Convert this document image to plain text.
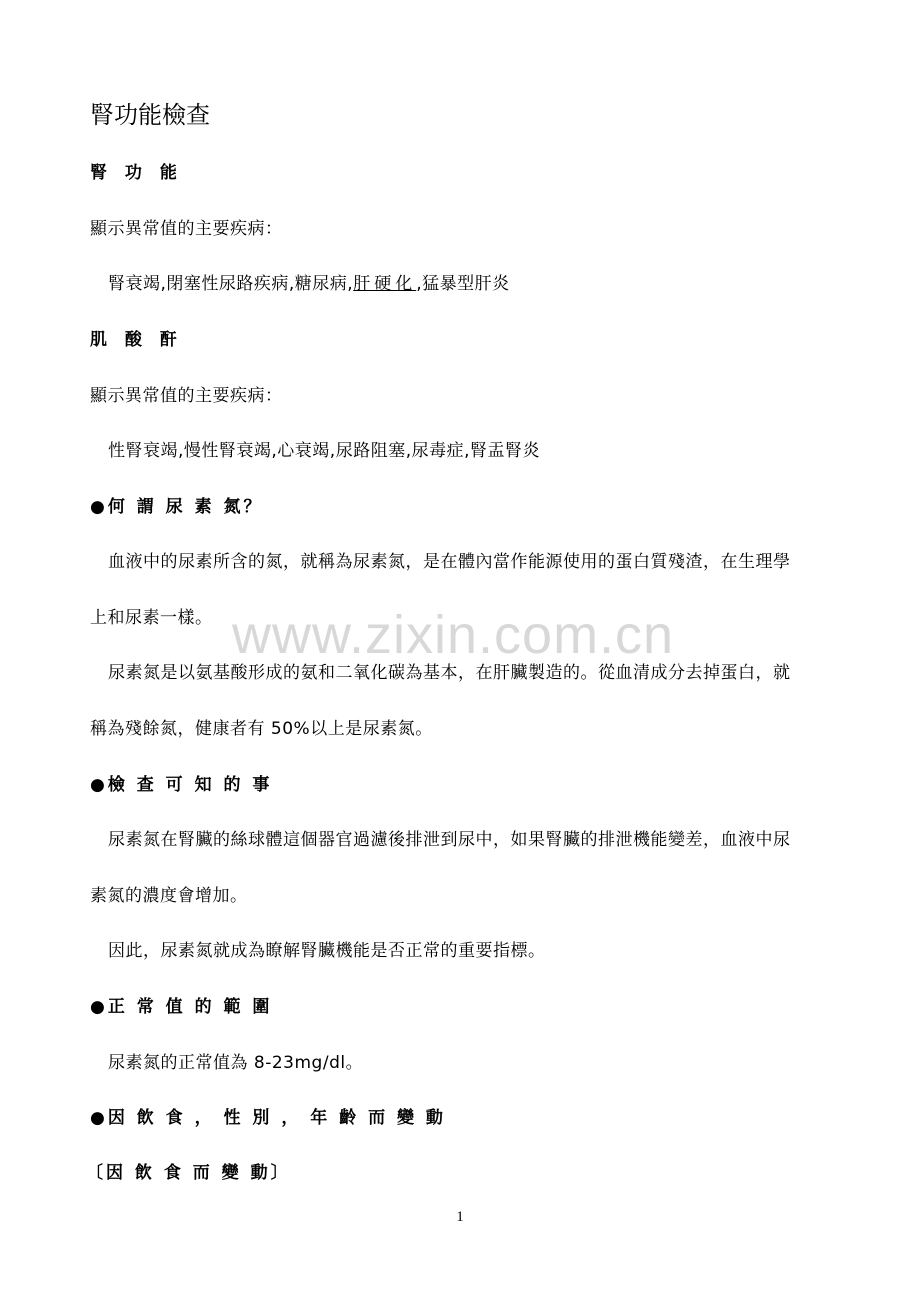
腎功能檢查
腎 功 能
顯示異常值的主要疾病：
腎衰竭,閉塞性尿路疾病,糖尿病,肝硬化,猛暴型肝炎
肌 酸 酐
顯示異常值的主要疾病：
性腎衰竭,慢性腎衰竭,心衰竭,尿路阻塞,尿毒症,腎盂腎炎
●何 謂 尿 素 氮？
血液中的尿素所含的氮，就稱為尿素氮，是在體內當作能源使用的蛋白質殘渣，在生理學
上和尿素一樣。
尿素氮是以氨基酸形成的氨和二氧化碳為基本，在肝臟製造的。從血清成分去掉蛋白，就
稱為殘餘氮，健康者有 50%以上是尿素氮。
●檢 查 可 知 的 事
尿素氮在腎臟的絲球體這個器官過濾後排泄到尿中，如果腎臟的排泄機能變差，血液中尿
素氮的濃度會增加。
因此，尿素氮就成為瞭解腎臟機能是否正常的重要指標。
●正 常 值 的 範 圍
尿素氮的正常值為 8-23mg/dl。
●因 飲 食 ， 性 別 ， 年 齡 而 變 動
〔因 飲 食 而 變 動〕
www.zixin.com.cn
1
